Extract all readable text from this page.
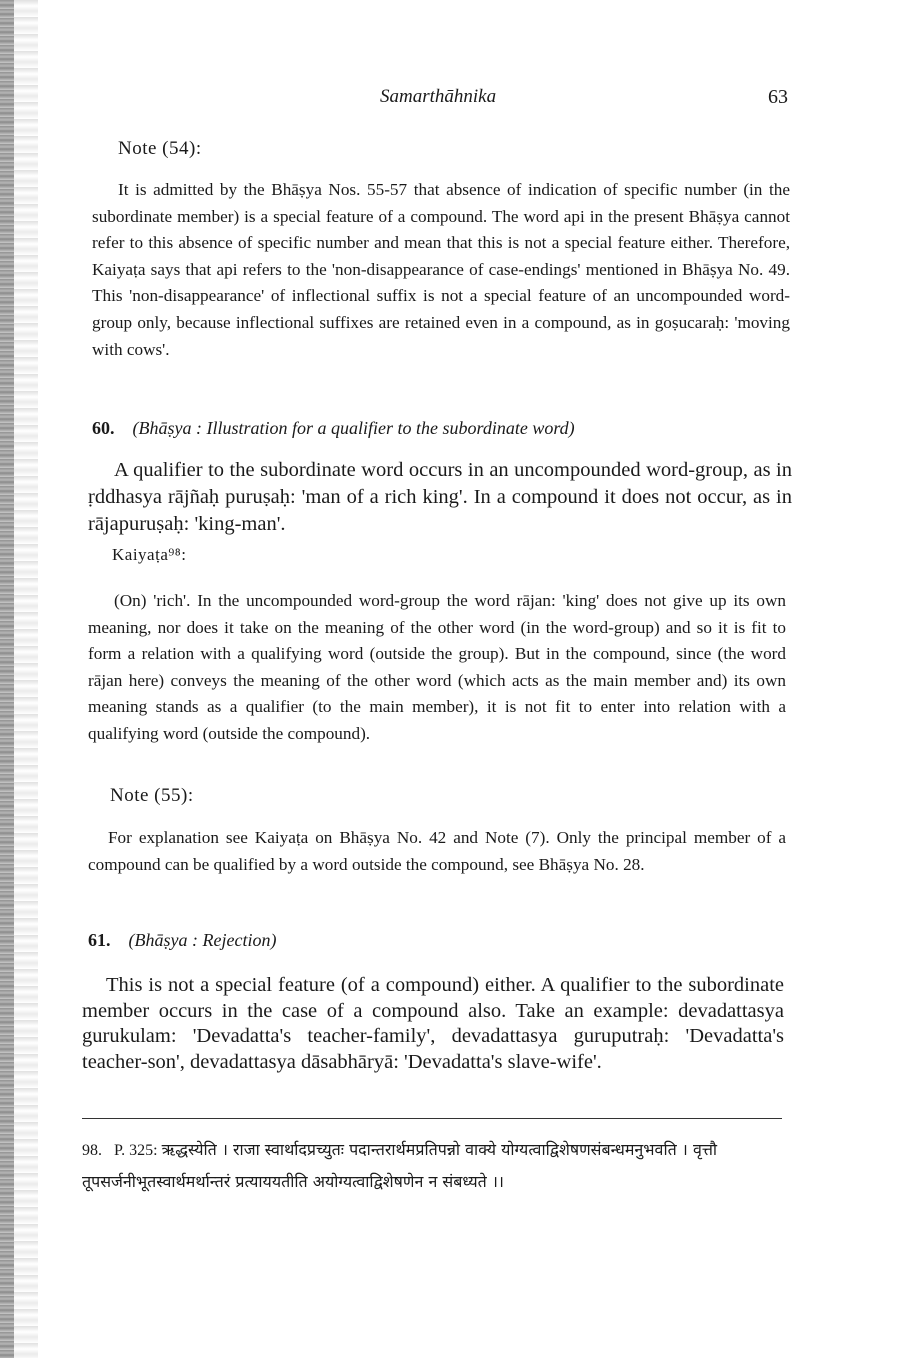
Samarthāhnika	63
Note (54):
It is admitted by the Bhāṣya Nos. 55-57 that absence of indication of specific number (in the subordinate member) is a special feature of a compound. The word api in the present Bhāṣya cannot refer to this absence of specific number and mean that this is not a special feature either. Therefore, Kaiyaṭa says that api refers to the 'non-disappearance of case-endings' mentioned in Bhāṣya No. 49. This 'non-disappearance' of inflectional suffix is not a special feature of an uncompounded word-group only, because inflectional suffixes are retained even in a compound, as in goṣucaraḥ: 'moving with cows'.
60. (Bhāṣya : Illustration for a qualifier to the subordinate word)
A qualifier to the subordinate word occurs in an uncompounded word-group, as in ṛddhasya rājñaḥ puruṣaḥ: 'man of a rich king'. In a compound it does not occur, as in rājapuruṣaḥ: 'king-man'.
Kaiyaṭa⁹⁸:
(On) 'rich'. In the uncompounded word-group the word rājan: 'king' does not give up its own meaning, nor does it take on the meaning of the other word (in the word-group) and so it is fit to form a relation with a qualifying word (outside the group). But in the compound, since (the word rājan here) conveys the meaning of the other word (which acts as the main member and) its own meaning stands as a qualifier (to the main member), it is not fit to enter into relation with a qualifying word (outside the compound).
Note (55):
For explanation see Kaiyaṭa on Bhāṣya No. 42 and Note (7). Only the principal member of a compound can be qualified by a word outside the compound, see Bhāṣya No. 28.
61. (Bhāṣya : Rejection)
This is not a special feature (of a compound) either. A qualifier to the subordinate member occurs in the case of a compound also. Take an example: devadattasya gurukulam: 'Devadatta's teacher-family', devadattasya guruputraḥ: 'Devadatta's teacher-son', devadattasya dāsabhāryā: 'Devadatta's slave-wife'.
98. P. 325: ऋद्धस्येति । राजा स्वार्थादप्रच्युतः पदान्तरार्थमप्रतिपन्नो वाक्ये योग्यत्वाद्विशेषणसंबन्धमनुभवति । वृत्तौ तूपसर्जनीभूतस्वार्थमर्थान्तरं प्रत्याययतीति अयोग्यत्वाद्विशेषणेन न संबध्यते ।।
